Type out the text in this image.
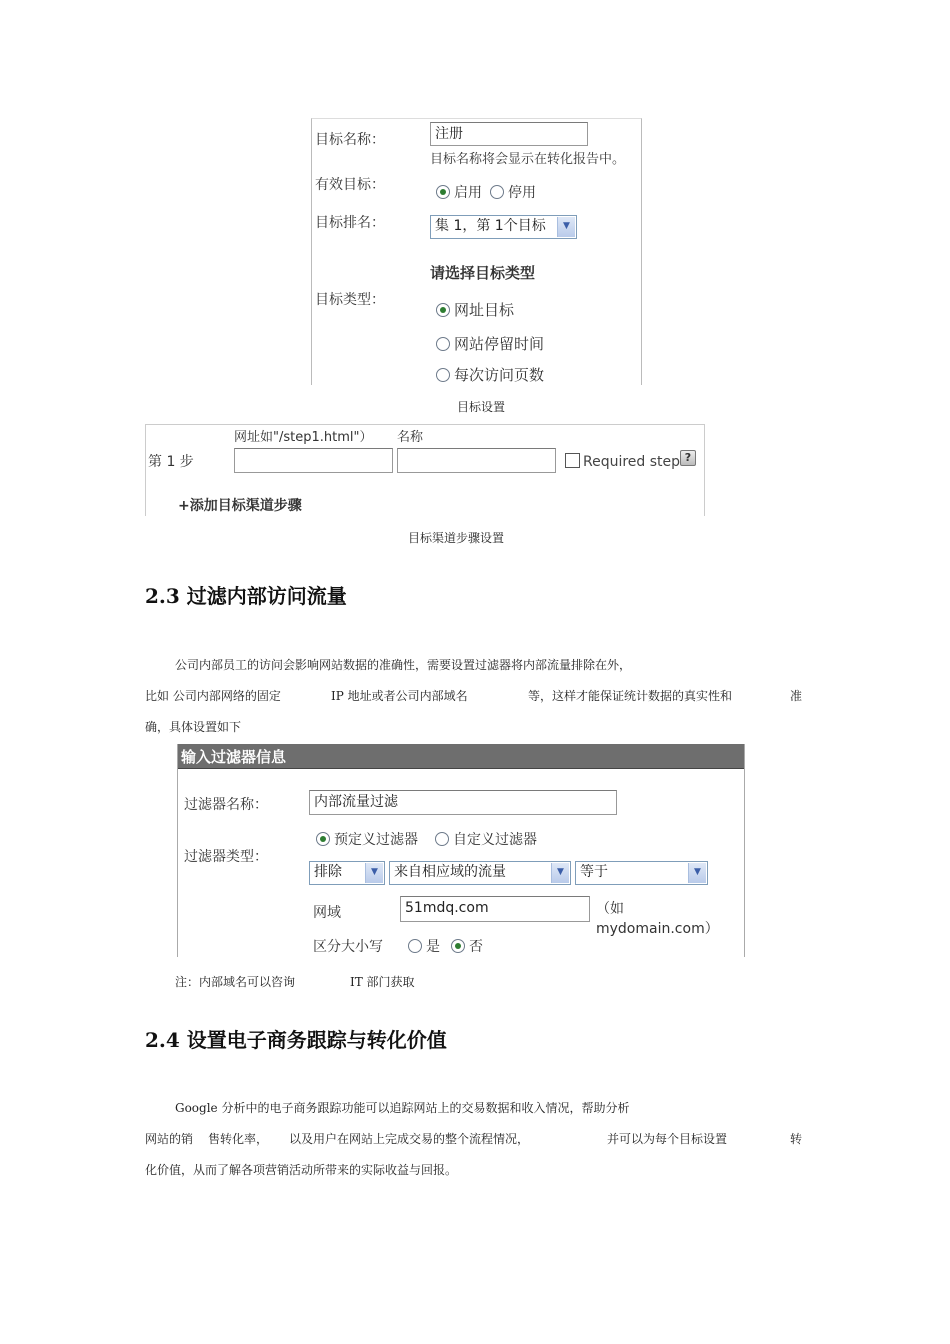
目标名称：	注册
目标名称将会显示在转化报告中。
有效目标：	启用	停用
目标排名：	集 1，第 1个目标	▼
请选择目标类型
目标类型：
网址目标
网站停留时间
每次访问页数
目标设置
网址如"/step1.html"） 名称
第 1 步	Required step ?
+添加目标渠道步骤
目标渠道步骤设置
2.3 过滤内部访问流量
公司内部员工的访问会影响网站数据的准确性，需要设置过滤器将内部流量排除在外，
比如 公司内部网络的固定	IP 地址或者公司内部域名	等，这样才能保证统计数据的真实性和	准
确，具体设置如下
输入过滤器信息
过滤器名称：	内部流量过滤
过滤器类型：
预定义过滤器	自定义过滤器
排除	▼	来自相应域的流量	▼	等于	▼
网域	51mdq.com	（如 mydomain.com）
区分大小写	是	否
注：内部域名可以咨询	IT 部门获取
2.4 设置电子商务跟踪与转化价值
Google 分析中的电子商务跟踪功能可以追踪网站上的交易数据和收入情况，帮助分析
网站的销 售转化率， 以及用户在网站上完成交易的整个流程情况，	并可以为每个目标设置	转
化价值，从而了解各项营销活动所带来的实际收益与回报。
